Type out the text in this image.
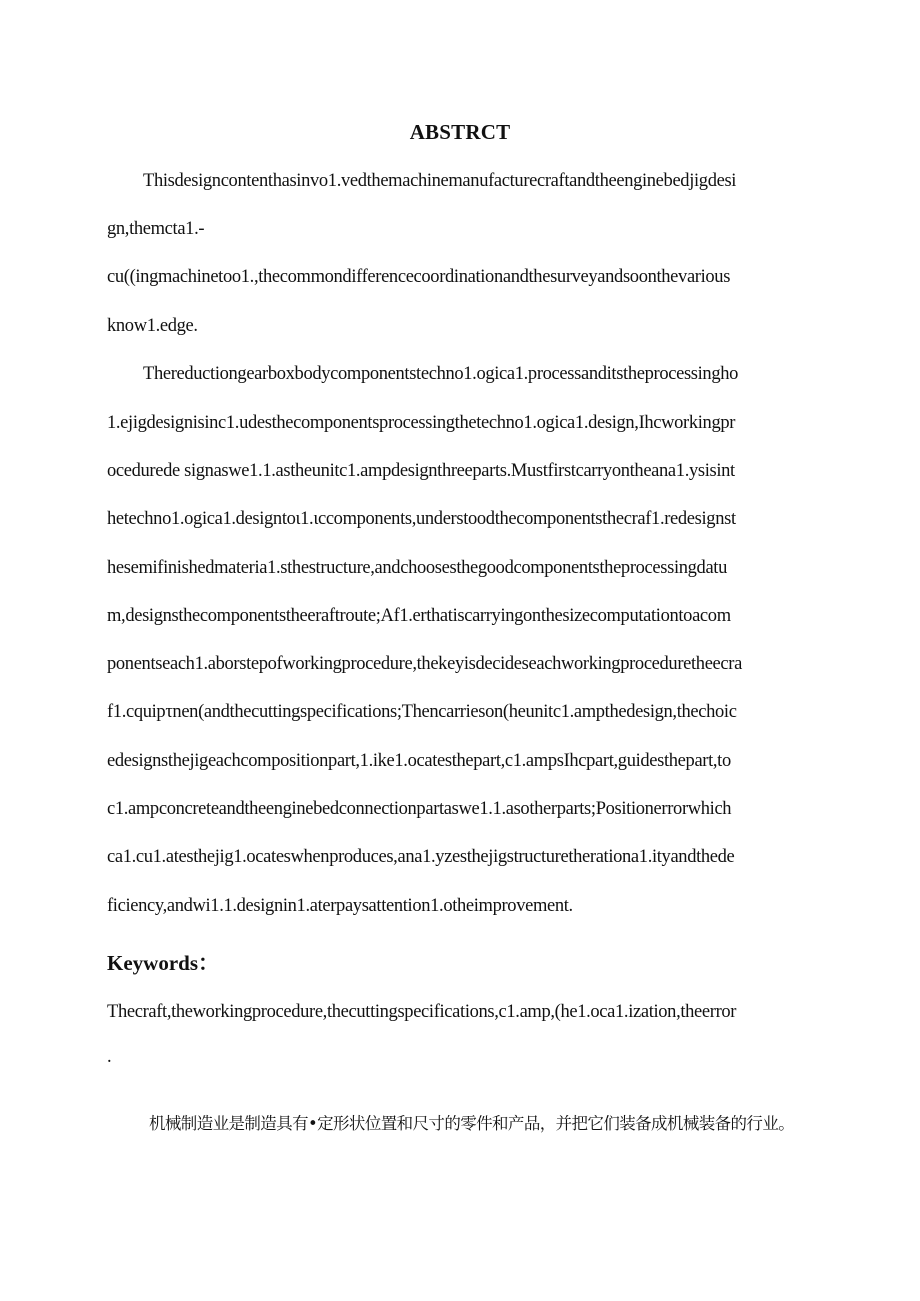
ABSTRCT
Thisdesigncontenthasinvo1.vedthemachinemanufacturecraftandtheenginebedjigdesi
gn,themcta1.-
cu((ingmachinetoo1.,thecommondifferencecoordinationandthesurveyandsoonthevarious
know1.edge.
Thereductiongearboxbodycomponentstechno1.ogica1.processanditstheprocessingho
1.ejigdesignisinc1.udesthecomponentsprocessingthetechno1.ogica1.design,Ihcworkingpr
ocedurede signaswe1.1.astheunitc1.ampdesignthreeparts.Mustfirstcarryontheana1.ysisint
hetechno1.ogica1.designtoι1.ιccomponents,understoodthecomponentsthecraf1.redesignst
hesemifinishedmateria1.sthestructure,andchoosesthegoodcomponentstheprocessingdatu
m,designsthecomponentstheeraftroute;Af1.erthatiscarryingonthesizecomputationtoacom
ponentseach1.aborstepofworkingprocedure,thekeyisdecideseachworkingproceduretheecra
f1.cquipτnen(andthecuttingspecifications;Thencarrieson(heunitc1.ampthedesign,thechoic
edesignsthejigeachcompositionpart,1.ike1.ocatesthepart,c1.ampsIhcpart,guidesthepart,to
c1.ampconcreteandtheenginebedconnectionpartaswe1.1.asotherparts;Positionerrorwhich
ca1.cu1.atesthejig1.ocateswhenproduces,ana1.yzesthejigstructuretherationa1.ityandthede
ficiency,andwi1.1.designin1.aterpaysattention1.otheimprovement.
Keywords：
Thecraft,theworkingprocedure,thecuttingspecifications,c1.amp,(he1.oca1.ization,theerror
.
机械制造业是制造具有•定形状位置和尺寸的零件和产品，并把它们装备成机械装备的行业。
